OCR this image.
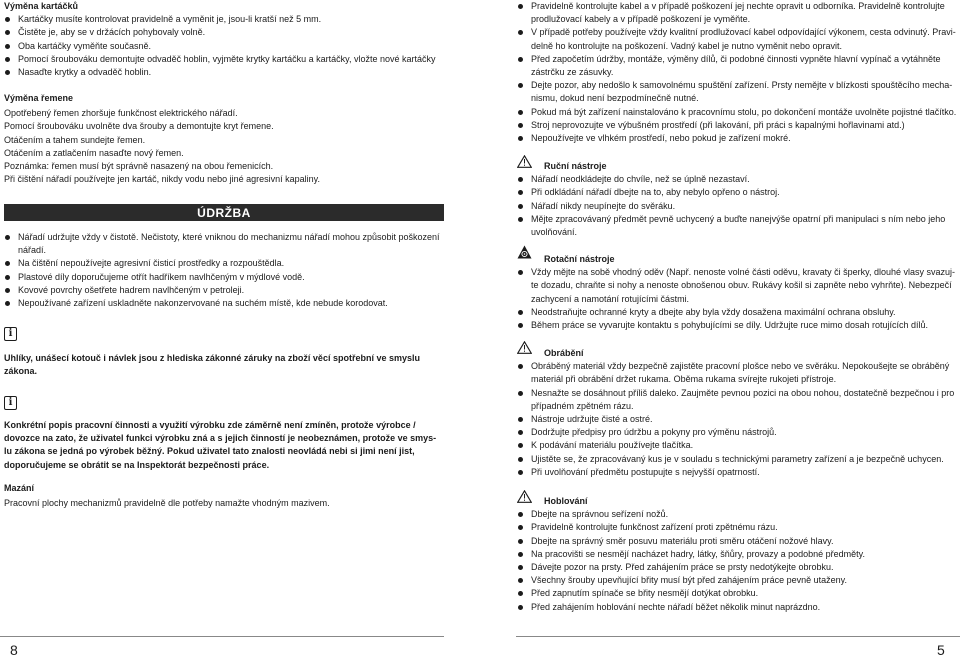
Výměna kartáčků
Kartáčky musíte kontrolovat pravidelně a vyměnit je, jsou-li kratší než 5 mm.
Čistěte je, aby se v držácích pohybovaly volně.
Oba kartáčky vyměňte současně.
Pomocí šroubováku demontujte odvaděč hoblin, vyjměte krytky kartáčku a kartáčky, vložte nové kartáčky
Nasaďte krytky a odvaděč hoblin.
Výměna řemene
Opotřebený řemen zhoršuje funkčnost elektrického nářadí.
Pomocí šroubováku uvolněte dva šrouby a demontujte kryt řemene.
Otáčením a tahem sundejte řemen.
Otáčením a zatlačením nasaďte nový řemen.
Poznámka: řemen musí být správně nasazený na obou řemenicích.
Při čištění nářadí používejte jen kartáč, nikdy vodu nebo jiné agresivní kapaliny.
ÚDRŽBA
Nářadí udržujte vždy v čistotě. Nečistoty, které vniknou do mechanizmu nářadí mohou způsobit poškození
nářadí.
Na čištění nepoužívejte agresivní čisticí prostředky a rozpouštědla.
Plastové díly doporučujeme otřít hadříkem navlhčeným v mýdlové vodě.
Kovové povrchy ošetřete hadrem navlhčeným v petroleji.
Nepoužívané zařízení uskladněte nakonzervované na suchém místě, kde nebude korodovat.
i
Uhlíky, unášecí kotouč i návlek jsou z hlediska zákonné záruky na zboží věcí spotřební ve smyslu
zákona.
i
Konkrétní popis pracovní činnosti a využití výrobku zde záměrně není zmíněn, protože výrobce /
dovozce na zato, že uživatel funkci výrobku zná a s jejich činností je neobeznámen, protože ve smys-
lu zákona se jedná po výrobek běžný. Pokud uživatel tato znalosti neovládá nebi si jimi není jist,
doporučujeme se obrátit se na Inspektorát bezpečnosti práce.
Mazání
Pracovní plochy mechanizmů pravidelně dle potřeby namažte vhodným mazivem.
8
Pravidelně kontrolujte kabel a v případě poškození jej nechte opravit u odborníka. Pravidelně kontrolujte
prodlužovací kabely a v případě poškození je vyměňte.
V případě potřeby používejte vždy kvalitní prodlužovací kabel odpovídající výkonem, cesta odvinutý. Pravi-
delně ho kontrolujte na poškození. Vadný kabel je nutno vyměnit nebo opravit.
Před započetím údržby, montáže, výměny dílů, či podobné činnosti vypněte hlavní vypínač a vytáhněte
zástrčku ze zásuvky.
Dejte pozor, aby nedošlo k samovolnému spuštění zařízení. Prsty nemějte v blízkosti spouštěcího mecha-
nismu, dokud není bezpodmínečně nutné.
Pokud má být zařízení nainstalováno k pracovnímu stolu, po dokončení montáže uvolněte pojistné tlačítko.
Stroj neprovozujte ve výbušném prostředí (při lakování, při práci s kapalnými hořlavinami atd.)
Nepoužívejte ve vlhkém prostředí, nebo pokud je zařízení mokré.
Ruční nástroje
Nářadí neodkládejte do chvíle, než se úplně nezastaví.
Při odkládání nářadí dbejte na to, aby nebylo opřeno o nástroj.
Nářadí nikdy neupínejte do svěráku.
Mějte zpracovávaný předmět pevně uchycený a buďte nanejvýše opatrní při manipulaci s ním nebo jeho
uvolňování.
Rotační nástroje
Vždy mějte na sobě vhodný oděv (Např. nenoste volné části oděvu, kravaty či šperky, dlouhé vlasy svazuj-
te dozadu, chraňte si nohy a nenoste obnošenou obuv. Rukávy košil si zapněte nebo vyhrňte). Nebezpečí
zachycení a namotání rotujícími částmi.
Neodstraňujte ochranné kryty a dbejte aby byla vždy dosažena maximální ochrana obsluhy.
Během práce se vyvarujte kontaktu s pohybujícími se díly. Udržujte ruce mimo dosah rotujících dílů.
Obrábění
Obráběný materiál vždy bezpečně zajistěte pracovní plošce nebo ve svěráku. Nepokoušejte se obráběný
materiál při obrábění držet rukama. Oběma rukama svírejte rukojeti přístroje.
Nesnažte se dosáhnout příliš daleko. Zaujměte pevnou pozici na obou nohou, dostatečně bezpečnou i pro
případném zpětném rázu.
Nástroje udržujte čisté a ostré.
Dodržujte předpisy pro údržbu a pokyny pro výměnu nástrojů.
K podávání materiálu používejte tlačítka.
Ujistěte se, že zpracovávaný kus je v souladu s technickými parametry zařízení a je bezpečně uchycen.
Při uvolňování předmětu postupujte s nejvyšší opatrností.
Hoblování
Dbejte na správnou seřízení nožů.
Pravidelně kontrolujte funkčnost zařízení proti zpětnému rázu.
Dbejte na správný směr posuvu materiálu proti směru otáčení nožové hlavy.
Na pracovišti se nesmějí nacházet hadry, látky, šňůry, provazy a podobné předměty.
Dávejte pozor na prsty. Před zahájením práce se prsty nedotýkejte obrobku.
Všechny šrouby upevňující břity musí být před zahájením práce pevně utaženy.
Před zapnutím spínače se břity nesmějí dotýkat obrobku.
Před zahájením hoblování nechte nářadí běžet několik minut naprázdno.
5
